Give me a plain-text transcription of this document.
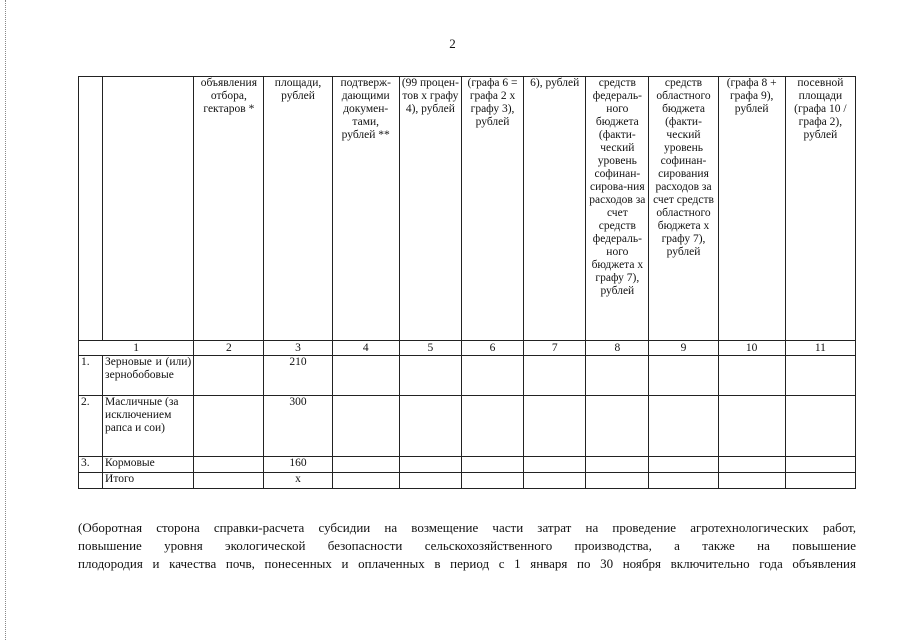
2
		объявления отбора, гектаров *	площади, рублей	подтверж-дающими докумен-тами, рублей **	(99 процен-тов х графу 4), рублей	(графа 6 = графа 2 х графу 3), рублей	6), рублей	средств федераль-ного бюджета (факти-ческий уровень софинан-сирова-ния расходов за счет средств федераль-ного бюджета х графу 7), рублей	средств областного бюджета (факти-ческий уровень софинан-сирования расходов за счет средств областного бюджета х графу 7), рублей	(графа 8 + графа 9), рублей	посевной площади (графа 10 / графа 2), рублей
1		2	3	4	5	6	7	8	9	10	11
1.	Зерновые и (или) зернобобовые		210								
2.	Масличные (за исключением рапса и сои)		300								
3.	Кормовые		160								
	Итого		х								
(Оборотная сторона справки-расчета субсидии на возмещение части затрат на проведение агротехнологических работ,
повышение уровня экологической безопасности сельскохозяйственного производства, а также на повышение
плодородия и качества почв, понесенных и оплаченных в период с 1 января по 30 ноября включительно года объявления
